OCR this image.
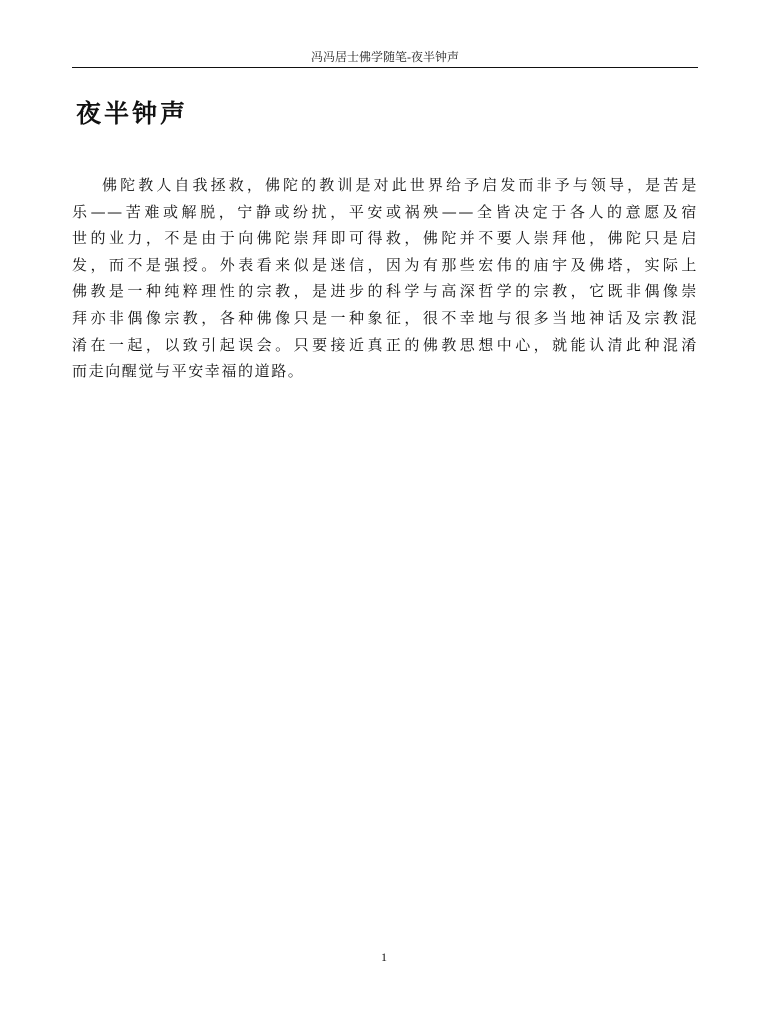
冯冯居士佛学随笔-夜半钟声
夜半钟声
佛陀教人自我拯救，佛陀的教训是对此世界给予启发而非予与领导，是苦是
乐——苦难或解脱，宁静或纷扰，平安或祸殃——全皆决定于各人的意愿及宿
世的业力，不是由于向佛陀崇拜即可得救，佛陀并不要人崇拜他，佛陀只是启
发，而不是强授。外表看来似是迷信，因为有那些宏伟的庙宇及佛塔，实际上
佛教是一种纯粹理性的宗教，是进步的科学与高深哲学的宗教，它既非偶像崇
拜亦非偶像宗教，各种佛像只是一种象征，很不幸地与很多当地神话及宗教混
淆在一起，以致引起误会。只要接近真正的佛教思想中心，就能认清此种混淆
而走向醒觉与平安幸福的道路。
1
